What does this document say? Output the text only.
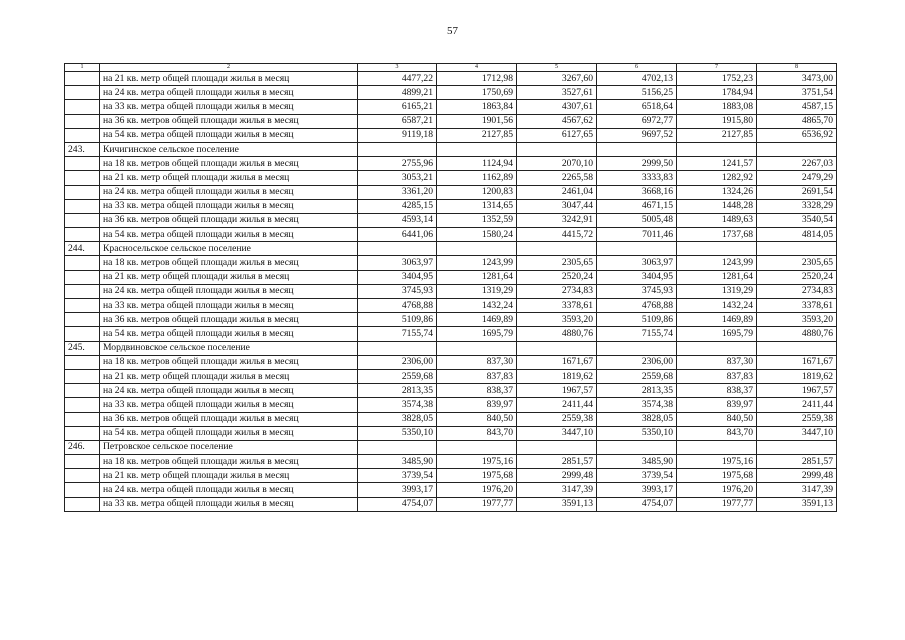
57
1	2	3	4	5	6	7	8
	на 21 кв. метр общей площади жилья в месяц	4477,22	1712,98	3267,60	4702,13	1752,23	3473,00
	на 24 кв. метра общей площади жилья в месяц	4899,21	1750,69	3527,61	5156,25	1784,94	3751,54
	на 33 кв. метра общей площади жилья в месяц	6165,21	1863,84	4307,61	6518,64	1883,08	4587,15
	на 36 кв. метров общей площади жилья в месяц	6587,21	1901,56	4567,62	6972,77	1915,80	4865,70
	на 54 кв. метра общей площади жилья в месяц	9119,18	2127,85	6127,65	9697,52	2127,85	6536,92
243.	Кичигинское сельское поселение						
	на 18 кв. метров общей площади жилья в месяц	2755,96	1124,94	2070,10	2999,50	1241,57	2267,03
	на 21 кв. метр общей площади жилья в месяц	3053,21	1162,89	2265,58	3333,83	1282,92	2479,29
	на 24 кв. метра общей площади жилья в месяц	3361,20	1200,83	2461,04	3668,16	1324,26	2691,54
	на 33 кв. метра общей площади жилья в месяц	4285,15	1314,65	3047,44	4671,15	1448,28	3328,29
	на 36 кв. метров общей площади жилья в месяц	4593,14	1352,59	3242,91	5005,48	1489,63	3540,54
	на 54 кв. метра общей площади жилья в месяц	6441,06	1580,24	4415,72	7011,46	1737,68	4814,05
244.	Красносельское сельское поселение						
	на 18 кв. метров общей площади жилья в месяц	3063,97	1243,99	2305,65	3063,97	1243,99	2305,65
	на 21 кв. метр общей площади жилья в месяц	3404,95	1281,64	2520,24	3404,95	1281,64	2520,24
	на 24 кв. метра общей площади жилья в месяц	3745,93	1319,29	2734,83	3745,93	1319,29	2734,83
	на 33 кв. метра общей площади жилья в месяц	4768,88	1432,24	3378,61	4768,88	1432,24	3378,61
	на 36 кв. метров общей площади жилья в месяц	5109,86	1469,89	3593,20	5109,86	1469,89	3593,20
	на 54 кв. метра общей площади жилья в месяц	7155,74	1695,79	4880,76	7155,74	1695,79	4880,76
245.	Мордвиновское сельское поселение						
	на 18 кв. метров общей площади жилья в месяц	2306,00	837,30	1671,67	2306,00	837,30	1671,67
	на 21 кв. метр общей площади жилья в месяц	2559,68	837,83	1819,62	2559,68	837,83	1819,62
	на 24 кв. метра общей площади жилья в месяц	2813,35	838,37	1967,57	2813,35	838,37	1967,57
	на 33 кв. метра общей площади жилья в месяц	3574,38	839,97	2411,44	3574,38	839,97	2411,44
	на 36 кв. метров общей площади жилья в месяц	3828,05	840,50	2559,38	3828,05	840,50	2559,38
	на 54 кв. метра общей площади жилья в месяц	5350,10	843,70	3447,10	5350,10	843,70	3447,10
246.	Петровское сельское поселение						
	на 18 кв. метров общей площади жилья в месяц	3485,90	1975,16	2851,57	3485,90	1975,16	2851,57
	на 21 кв. метр общей площади жилья в месяц	3739,54	1975,68	2999,48	3739,54	1975,68	2999,48
	на 24 кв. метра общей площади жилья в месяц	3993,17	1976,20	3147,39	3993,17	1976,20	3147,39
	на 33 кв. метра общей площади жилья в месяц	4754,07	1977,77	3591,13	4754,07	1977,77	3591,13
